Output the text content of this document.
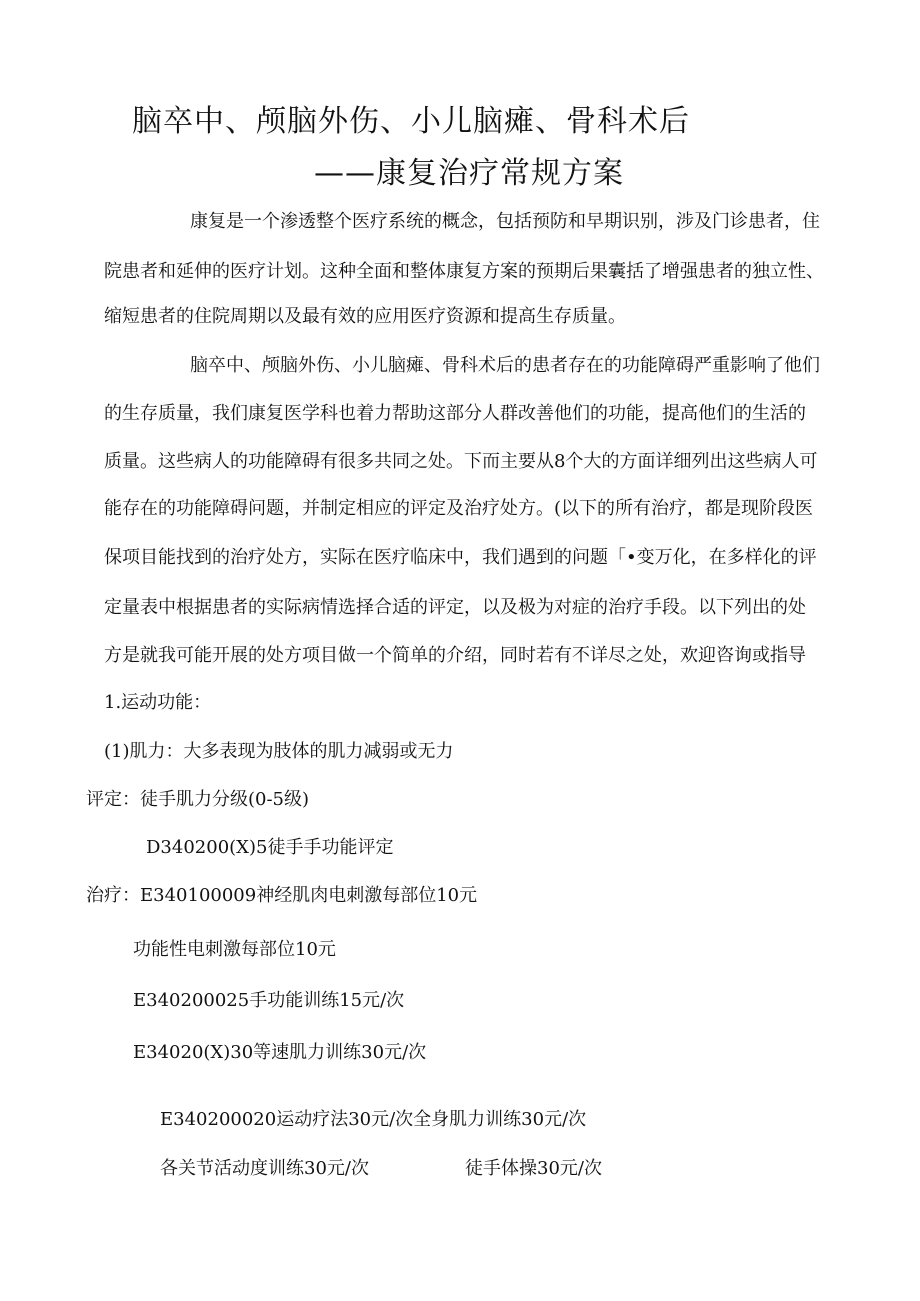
脑卒中、颅脑外伤、小儿脑瘫、骨科术后
——康复治疗常规方案
康复是一个渗透整个医疗系统的概念，包括预防和早期识别，涉及门诊患者，住
院患者和延伸的医疗计划。这种全面和整体康复方案的预期后果囊括了增强患者的独立性、
缩短患者的住院周期以及最有效的应用医疗资源和提高生存质量。
脑卒中、颅脑外伤、小儿脑瘫、骨科术后的患者存在的功能障碍严重影响了他们
的生存质量，我们康复医学科也着力帮助这部分人群改善他们的功能，提高他们的生活的
质量。这些病人的功能障碍有很多共同之处。下而主要从8个大的方面详细列出这些病人可
能存在的功能障碍问题，并制定相应的评定及治疗处方。(以下的所有治疗，都是现阶段医
保项目能找到的治疗处方，实际在医疗临床中，我们遇到的问题「•变万化，在多样化的评
定量表中根据患者的实际病情选择合适的评定，以及极为对症的治疗手段。以下列出的处
方是就我可能开展的处方项目做一个简单的介绍，同时若有不详尽之处，欢迎咨询或指导
1.运动功能：
(1)肌力：大多表现为肢体的肌力减弱或无力
评定：徒手肌力分级(0-5级)
D340200(X)5徒手手功能评定
治疗：E340100009神经肌肉电刺激每部位10元
功能性电刺激每部位10元
E340200025手功能训练15元/次
E34020(X)30等速肌力训练30元/次
E340200020运动疗法30元/次全身肌力训练30元/次
各关节活动度训练30元/次	徒手体操30元/次
